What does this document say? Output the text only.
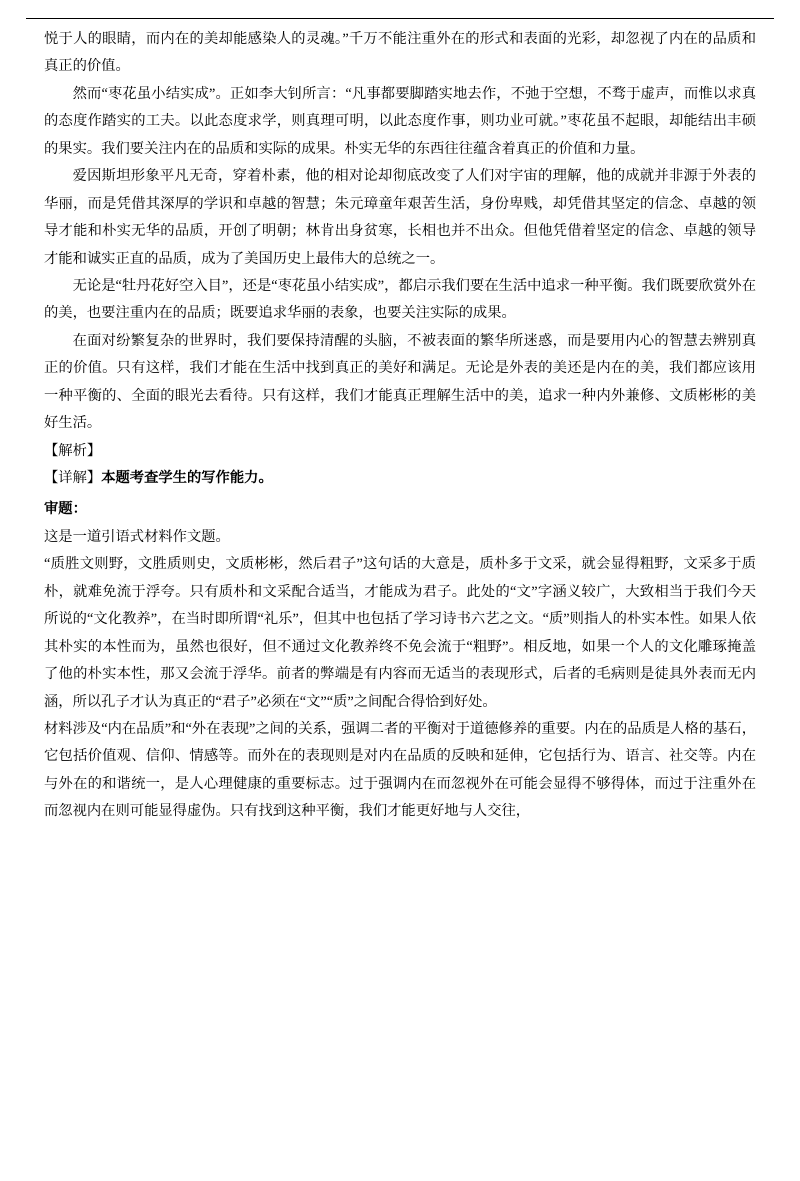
悦于人的眼睛，而内在的美却能感染人的灵魂。”千万不能注重外在的形式和表面的光彩，却忽视了内在的品质和真正的价值。

然而“枣花虽小结实成”。正如李大钊所言：“凡事都要脚踏实地去作，不弛于空想，不骛于虚声，而惟以求真的态度作踏实的工夫。以此态度求学，则真理可明，以此态度作事，则功业可就。”枣花虽不起眼，却能结出丰硕的果实。我们要关注内在的品质和实际的成果。朴实无华的东西往往蕴含着真正的价值和力量。

爱因斯坦形象平凡无奇，穿着朴素，他的相对论却彻底改变了人们对宇宙的理解，他的成就并非源于外表的华丽，而是凭借其深厚的学识和卓越的智慧；朱元璋童年艰苦生活，身份卑贱，却凭借其坚定的信念、卓越的领导才能和朴实无华的品质，开创了明朝；林肯出身贫寒，长相也并不出众。但他凭借着坚定的信念、卓越的领导才能和诚实正直的品质，成为了美国历史上最伟大的总统之一。

无论是“牡丹花好空入目”，还是“枣花虽小结实成”，都启示我们要在生活中追求一种平衡。我们既要欣赏外在的美，也要注重内在的品质；既要追求华丽的表象，也要关注实际的成果。

在面对纷繁复杂的世界时，我们要保持清醒的头脑，不被表面的繁华所迷惑，而是要用内心的智慧去辨别真正的价值。只有这样，我们才能在生活中找到真正的美好和满足。无论是外表的美还是内在的美，我们都应该用一种平衡的、全面的眼光去看待。只有这样，我们才能真正理解生活中的美，追求一种内外兼修、文质彬彬的美好生活。

【解析】

【详解】本题考查学生的写作能力。

审题：

这是一道引语式材料作文题。

“质胜文则野，文胜质则史，文质彬彬，然后君子”这句话的大意是，质朴多于文采，就会显得粗野，文采多于质朴，就难免流于浮夸。只有质朴和文采配合适当，才能成为君子。此处的“文”字涵义较广，大致相当于我们今天所说的“文化教养”，在当时即所谓“礼乐”，但其中也包括了学习诗书六艺之文。“质”则指人的朴实本性。如果人依其朴实的本性而为，虽然也很好，但不通过文化教养终不免会流于“粗野”。相反地，如果一个人的文化雕琢掩盖了他的朴实本性，那又会流于浮华。前者的弊端是有内容而无适当的表现形式，后者的毛病则是徒具外表而无内涵，所以孔子才认为真正的“君子”必须在“文”“质”之间配合得恰到好处。

材料涉及“内在品质”和“外在表现”之间的关系，强调二者的平衡对于道德修养的重要。内在的品质是人格的基石，它包括价值观、信仰、情感等。而外在的表现则是对内在品质的反映和延伸，它包括行为、语言、社交等。内在与外在的和谐统一，是人心理健康的重要标志。过于强调内在而忽视外在可能会显得不够得体，而过于注重外在而忽视内在则可能显得虚伪。只有找到这种平衡，我们才能更好地与人交往，
